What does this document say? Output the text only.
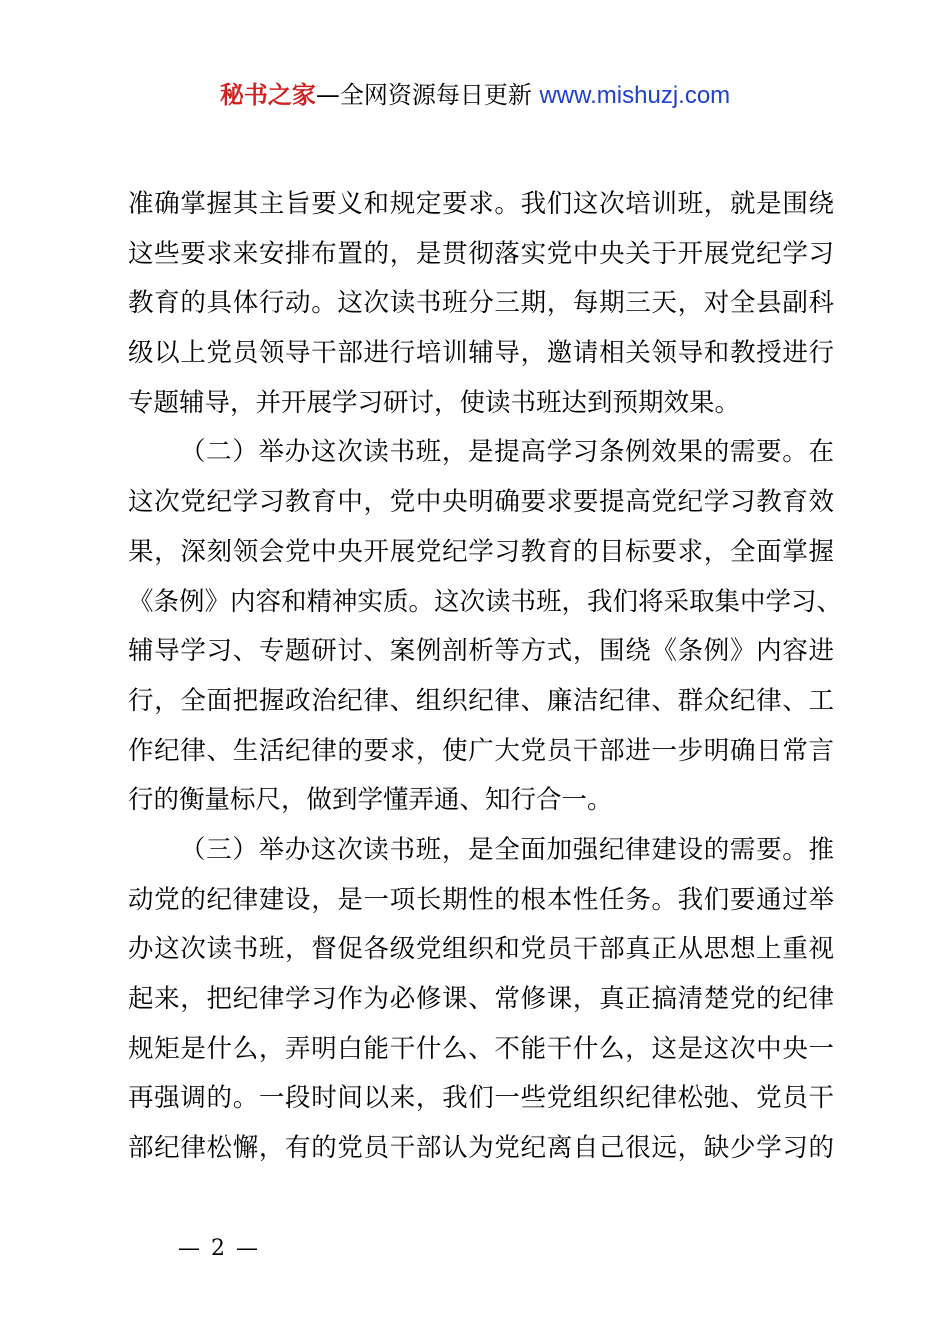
秘书之家—全网资源每日更新 www.mishuzj.com
准确掌握其主旨要义和规定要求。我们这次培训班，就是围绕
这些要求来安排布置的，是贯彻落实党中央关于开展党纪学习
教育的具体行动。这次读书班分三期，每期三天，对全县副科
级以上党员领导干部进行培训辅导，邀请相关领导和教授进行
专题辅导，并开展学习研讨，使读书班达到预期效果。
（二）举办这次读书班，是提高学习条例效果的需要。在
这次党纪学习教育中，党中央明确要求要提高党纪学习教育效
果，深刻领会党中央开展党纪学习教育的目标要求，全面掌握
《条例》内容和精神实质。这次读书班，我们将采取集中学习、
辅导学习、专题研讨、案例剖析等方式，围绕《条例》内容进
行，全面把握政治纪律、组织纪律、廉洁纪律、群众纪律、工
作纪律、生活纪律的要求，使广大党员干部进一步明确日常言
行的衡量标尺，做到学懂弄通、知行合一。
（三）举办这次读书班，是全面加强纪律建设的需要。推
动党的纪律建设，是一项长期性的根本性任务。我们要通过举
办这次读书班，督促各级党组织和党员干部真正从思想上重视
起来，把纪律学习作为必修课、常修课，真正搞清楚党的纪律
规矩是什么，弄明白能干什么、不能干什么，这是这次中央一
再强调的。一段时间以来，我们一些党组织纪律松弛、党员干
部纪律松懈，有的党员干部认为党纪离自己很远，缺少学习的
— 2 —
